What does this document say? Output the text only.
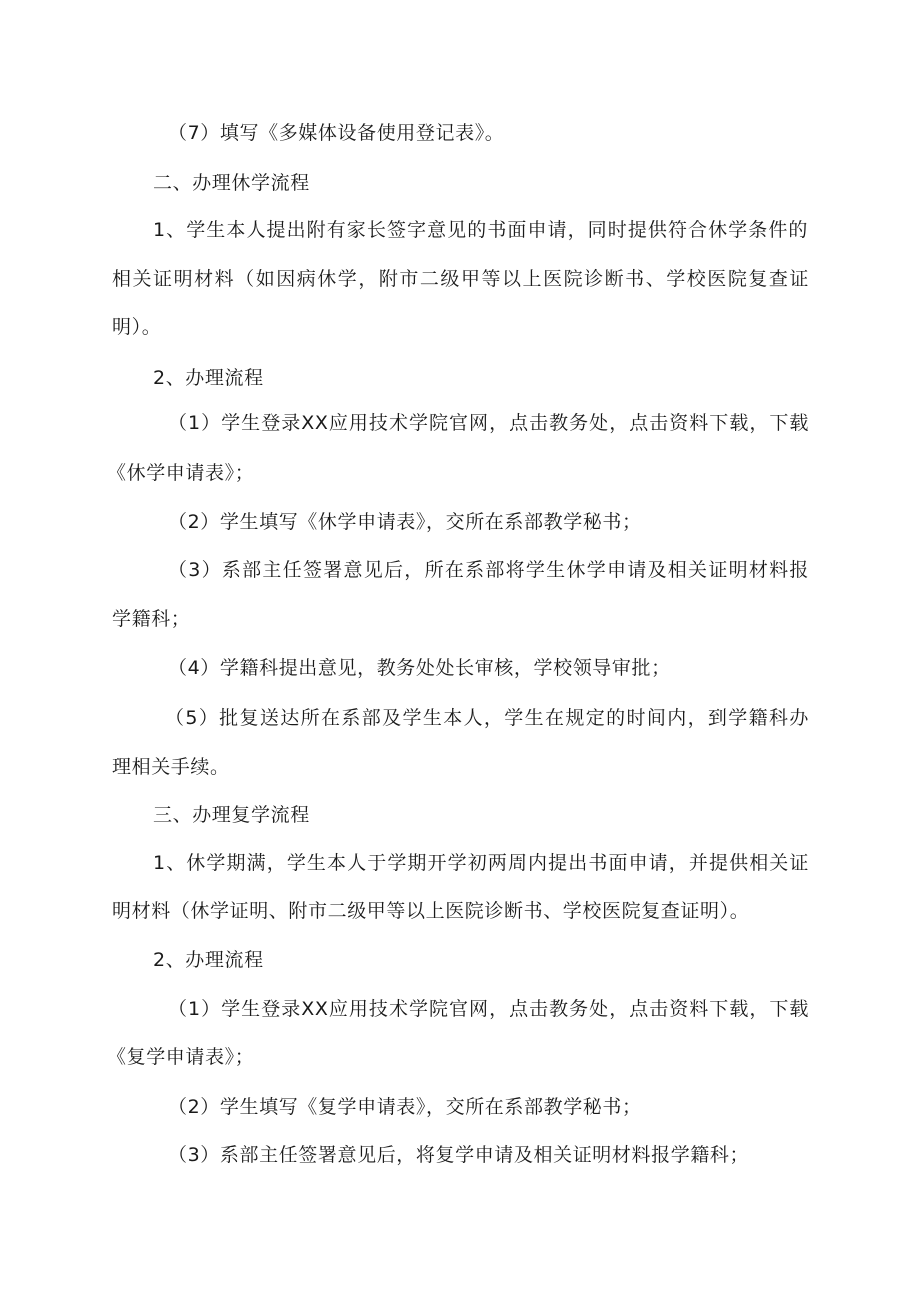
（7）填写《多媒体设备使用登记表》。
二、办理休学流程
1、学生本人提出附有家长签字意见的书面申请，同时提供符合休学条件的
相关证明材料（如因病休学，附市二级甲等以上医院诊断书、学校医院复查证
明）。
2、办理流程
（1）学生登录XX应用技术学院官网，点击教务处，点击资料下载，下载
《休学申请表》；
（2）学生填写《休学申请表》，交所在系部教学秘书；
（3）系部主任签署意见后，所在系部将学生休学申请及相关证明材料报
学籍科；
（4）学籍科提出意见，教务处处长审核，学校领导审批；
（5）批复送达所在系部及学生本人，学生在规定的时间内，到学籍科办
理相关手续。
三、办理复学流程
1、休学期满，学生本人于学期开学初两周内提出书面申请，并提供相关证
明材料（休学证明、附市二级甲等以上医院诊断书、学校医院复查证明）。
2、办理流程
（1）学生登录XX应用技术学院官网，点击教务处，点击资料下载，下载
《复学申请表》；
（2）学生填写《复学申请表》，交所在系部教学秘书；
（3）系部主任签署意见后，将复学申请及相关证明材料报学籍科；
